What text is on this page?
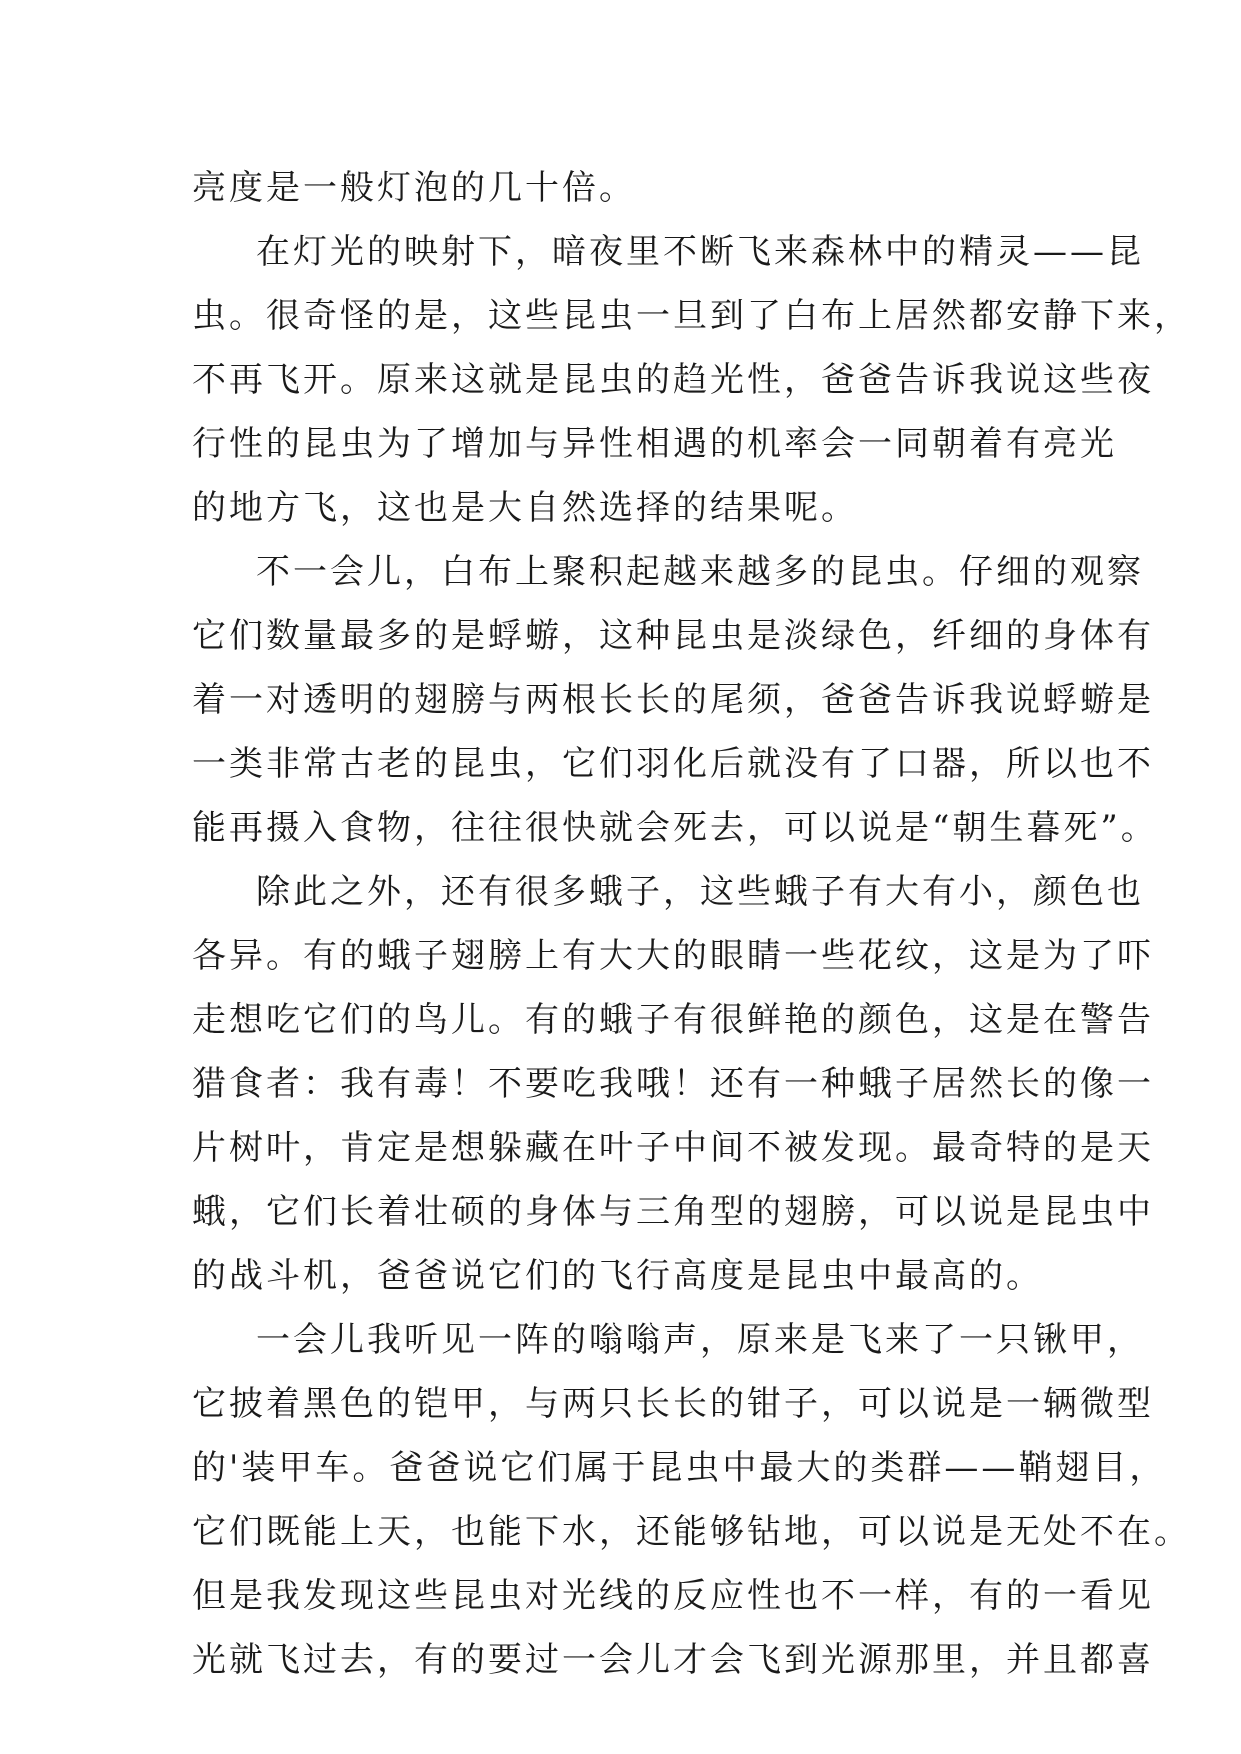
亮度是一般灯泡的几十倍。
在灯光的映射下，暗夜里不断飞来森林中的精灵——昆
虫。很奇怪的是，这些昆虫一旦到了白布上居然都安静下来，
不再飞开。原来这就是昆虫的趋光性，爸爸告诉我说这些夜
行性的昆虫为了增加与异性相遇的机率会一同朝着有亮光
的地方飞，这也是大自然选择的结果呢。
不一会儿，白布上聚积起越来越多的昆虫。仔细的观察
它们数量最多的是蜉蝣，这种昆虫是淡绿色，纤细的身体有
着一对透明的翅膀与两根长长的尾须，爸爸告诉我说蜉蝣是
一类非常古老的昆虫，它们羽化后就没有了口器，所以也不
能再摄入食物，往往很快就会死去，可以说是“朝生暮死”。
除此之外，还有很多蛾子，这些蛾子有大有小，颜色也
各异。有的蛾子翅膀上有大大的眼睛一些花纹，这是为了吓
走想吃它们的鸟儿。有的蛾子有很鲜艳的颜色，这是在警告
猎食者：我有毒！不要吃我哦！还有一种蛾子居然长的像一
片树叶，肯定是想躲藏在叶子中间不被发现。最奇特的是天
蛾，它们长着壮硕的身体与三角型的翅膀，可以说是昆虫中
的战斗机，爸爸说它们的飞行高度是昆虫中最高的。
一会儿我听见一阵的嗡嗡声，原来是飞来了一只锹甲，
它披着黑色的铠甲，与两只长长的钳子，可以说是一辆微型
的'装甲车。爸爸说它们属于昆虫中最大的类群——鞘翅目，
它们既能上天，也能下水，还能够钻地，可以说是无处不在。
但是我发现这些昆虫对光线的反应性也不一样，有的一看见
光就飞过去，有的要过一会儿才会飞到光源那里，并且都喜
